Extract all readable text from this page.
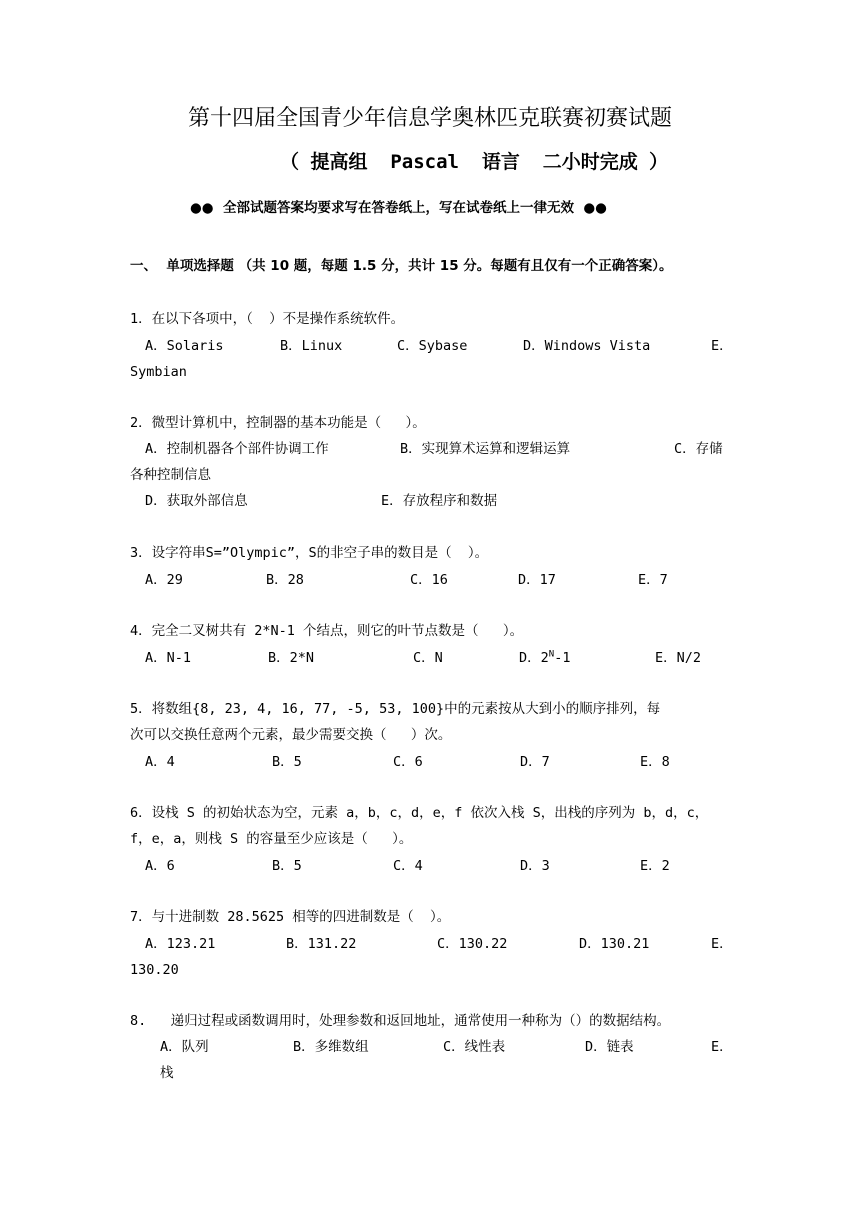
第十四届全国青少年信息学奥林匹克联赛初赛试题
（ 提高组  Pascal  语言  二小时完成 ）
●●  全部试题答案均要求写在答卷纸上，写在试卷纸上一律无效  ●●
一、  单项选择题 （共 10 题，每题 1.5 分，共计 15 分。每题有且仅有一个正确答案）。
1．在以下各项中，（  ）不是操作系统软件。
A．Solaris	B．Linux	C．Sybase	D．Windows Vista	E．
Symbian
2．微型计算机中，控制器的基本功能是（   ）。
A．控制机器各个部件协调工作	B．实现算术运算和逻辑运算	C．存储
各种控制信息
D．获取外部信息	E．存放程序和数据
3．设字符串S=”Olympic”，S的非空子串的数目是（  ）。
A．29	B．28	C．16	D．17	E．7
4．完全二叉树共有 2*N-1 个结点，则它的叶节点数是（   ）。
A．N-1	B．2*N	C．N	D．$2^N-1$	E．N/2
5．将数组{8, 23, 4, 16, 77, -5, 53, 100}中的元素按从大到小的顺序排列，每
次可以交换任意两个元素，最少需要交换（   ）次。
A．4	B．5	C．6	D．7	E．8
6．设栈 S 的初始状态为空，元素 a，b，c，d，e，f 依次入栈 S，出栈的序列为 b，d，c，
f，e，a，则栈 S 的容量至少应该是（   ）。
A．6	B．5	C．4	D．3	E．2
7．与十进制数 28.5625 相等的四进制数是（  ）。
A．123.21	B．131.22	C．130.22	D．130.21	E．
130.20
8.   递归过程或函数调用时，处理参数和返回地址，通常使用一种称为（）的数据结构。
A．队列	B．多维数组	C．线性表	D．链表	E．
栈
